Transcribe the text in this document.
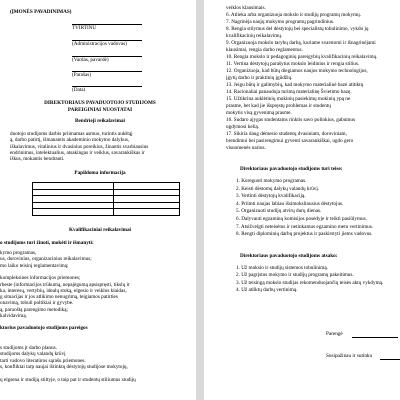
(ĮMONĖS PAVADINIMAS)
TVIRTINU
(Administracijos vadovas)
(Vardas, pavardė)
(Parašas)
(Data)
DIREKTORIAUS PAVADUOTOJO STUDIJOMS
PAREIGINIAI NUOSTATAI
Bendrieji reikalavimai
duotojo studijoms darbis priimamas asmuo, turintis aukštąj
ą, darbo patirtį, išmanantis akademinio mokymo dalykus,
iškalavimus, vitalinius ir dvasinius poreikius, žinantis svarbiausius
endrinimus, intelektualius, atsakingas ir veiklus, savarankiškas ir
iškus, mokantis bendrauti.
Papildoma informacija

Kvalifikaciniai reikalavimai
o studijoms turi žinoti, mokėti ir išmanyti:
kymo programas,
us, dorovinius, organizacinius reikalavimus;
mo laiko teisinį reglamentavimą;
kompleksines informacijos priemones;
rbeste (informacijos trūkumą, nepajėgumą apsispręsti, tikslų ir
ka, interesų, vertybių, idealų stoką, elgesio ir veiklos klaidas,
g situacijas ir jos atlikimo nenugrimą, teigiamos patirties
onavimą, tobuli poltikiai ir gyvybe.
ą, paruoštą parengimo metodiką;
kalvidavimą.
ktorius pavaduotojo studijoms pareigos
s studijoms įt darbo planus.
studijoms dalykų valandų krūvį
tarti vadovo literatūros sąrašu priemones.
s, konfliktai tarp naujai išrinktų dėstytojų studijose mokytojų,
ų elgsena ir studijų stiltyje, o taip pat ir studentų stiliumus studijų
veiklos klausimais.
6. Atlieka arba organizuoja mokslo ir studijų programų mokymų.
7. Nagrinėja naujų mokymo programų pagrindinius.
8. Rengia stilymus del dėstytojų bei specialistų tobulinimo, vykdo jų
kvalifikacinių reikalavimų.
9. Organizuoja mokslo tarybų darbą, kuriame svarstomi ir išnagrinėjami
klausimai, rengia darbo reglamentus.
10. Rengia mokslo ir pedagoginių pareigybių kvalifikacinių reikalavimų.
11. Vertina dėstytojų parašytus mokslo leidinius ir rengia stilius.
12. Organizuoja, kad būtų diegiamos naujos mokymo technologijos,
įgytų darbo ir praktinių įgūdžių.
13. Jeigu būtų ir galimybių, kad mokymo materialinė bazė atitiktų
14. Racionaliai panaudoja turimą materialinę Švietimo bazę.
15. Užtikrina auklėtinių mokinių pasiekimų mokinių ypą ne
prasme, bet kad jie išspręstų problemas ir studentų
mokytis visą gyvenimą prasme.
16. Sudaro ajygas studentams rinktis savo polinkius, gabumus
ugdymosi kelią.
17. Sikiria daug dėmesio studentų dvasiniam, doroviniam,
brendimui bei pasirengimui gyventi savarankiškai, ugdo gero
visuomenės narius.
Direktoriaus pavaduotojo studijoms turi teise:
1. Koreguoti mokymo programas.
2. Keisti dėstomų dalykų valandų krūvį.
3. Vertinti dėstytojų kvalifikaciją.
4. Priimti naujas labiau išsimokslinusius dėstytojus.
5. Organizuoti studijų atvirų durų dienas.
6. Dalyvauti egzaminų komisijos posėdyje ir teikti pasiūlymus.
7. Atsižvelgti neteisėtus ir netinkamus egzamino metu vertinimus.
8. Rengti diplominių darbų projektus ir paskirstyti jiems vadovus.
Direktoriaus pavaduotojo studijoms atsako:
1. Už mokslo ir studijų sistemos tobulinimą.
2. Už pagrįstus mokymo ir studijų programų pakeitimus.
3. Už teisingą mokslo studijas rekomenduojančių teisės aktų vykdymą.
4. Už atliktų darbų vertinimą.
Parengė
Susipažinau ir sutinku
